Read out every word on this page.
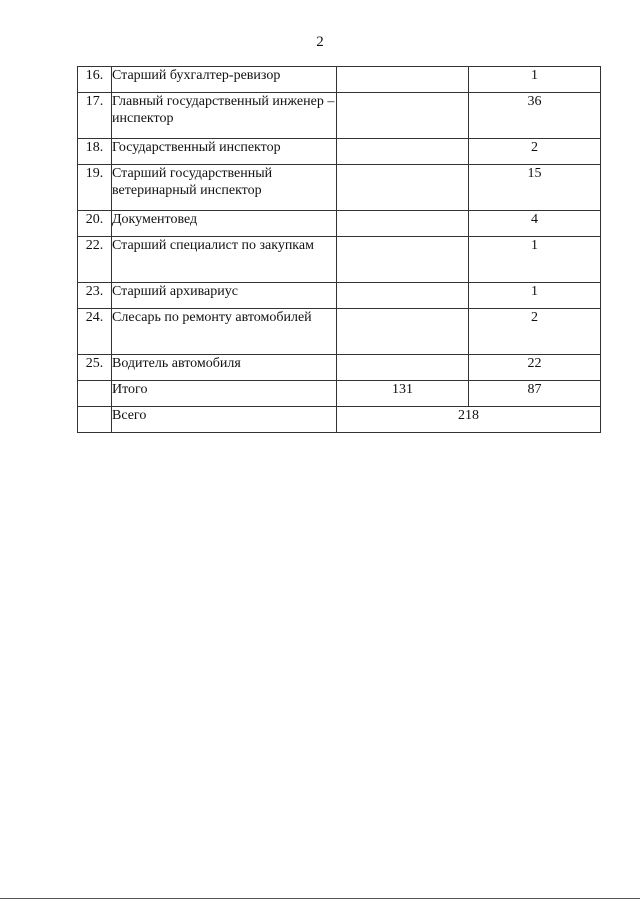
2
16.	Старший бухгалтер-ревизор		1
17.	Главный государственный инженер – инспектор		36
18.	Государственный инспектор		2
19.	Старший государственный ветеринарный инспектор		15
20.	Документовед		4
22.	Старший специалист по закупкам		1
23.	Старший архивариус		1
24.	Слесарь по ремонту автомобилей		2
25.	Водитель автомобиля		22
	Итого	131	87
	Всего	218	
